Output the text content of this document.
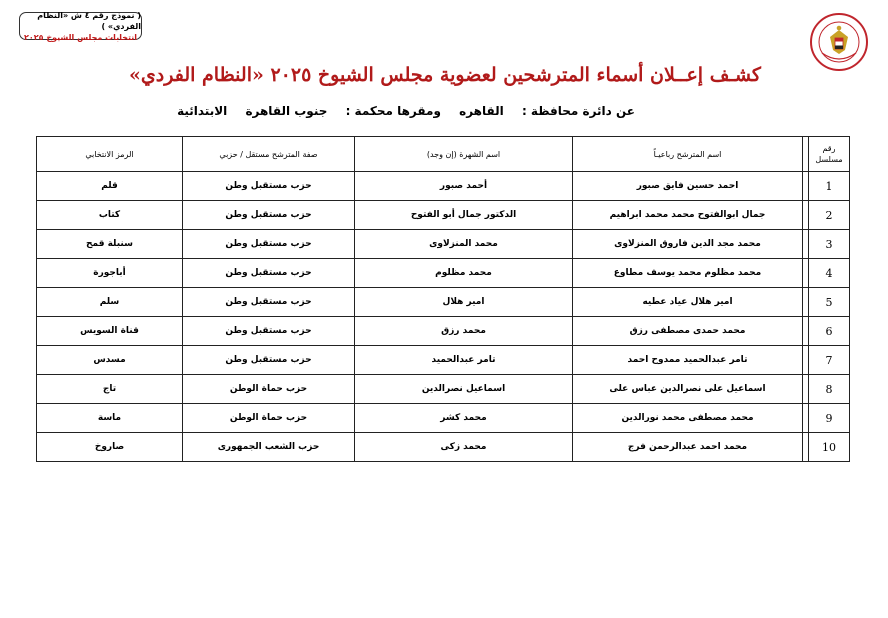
( نموذج رقم ٤ ش «النظام الفردي» )
انتخابات مجلس الشيوخ ٢٠٢٥
كشـف إعــلان أسماء المترشحين لعضوية مجلس الشيوخ ٢٠٢٥ «النظام الفردي»
عن دائرة محافظة : القاهره ومقرها محكمة : جنوب القاهرة الابتدائية
رقم مسلسل		اسم المترشح رباعيـاً	اسم الشهرة (إن وجد)	صفة المترشح مستقل / حزبي	الرمز الانتخابي
1		احمد حسين فايق صبور	أحمد صبور	حزب مستقبل وطن	قلم
2		جمال ابوالفتوح محمد محمد ابراهيم	الدكتور جمال أبو الفتوح	حزب مستقبل وطن	كتاب
3		محمد مجد الدين فاروق المنزلاوى	محمد المنزلاوى	حزب مستقبل وطن	سنبلة قمح
4		محمد مظلوم محمد يوسف مطاوع	محمد مظلوم	حزب مستقبل وطن	أباجورة
5		امير هلال عياد عطيه	امير هلال	حزب مستقبل وطن	سلم
6		محمد حمدى مصطفى رزق	محمد رزق	حزب مستقبل وطن	قناة السويس
7		تامر عبدالحميد ممدوح احمد	تامر عبدالحميد	حزب مستقبل وطن	مسدس
8		اسماعيل على نصرالدين عباس على	اسماعيل نصرالدين	حزب حماة الوطن	تاج
9		محمد مصطفى محمد نورالدين	محمد كشر	حزب حماة الوطن	ماسة
10		محمد احمد عبدالرحمن فرج	محمد زكى	حزب الشعب الجمهورى	صاروخ
